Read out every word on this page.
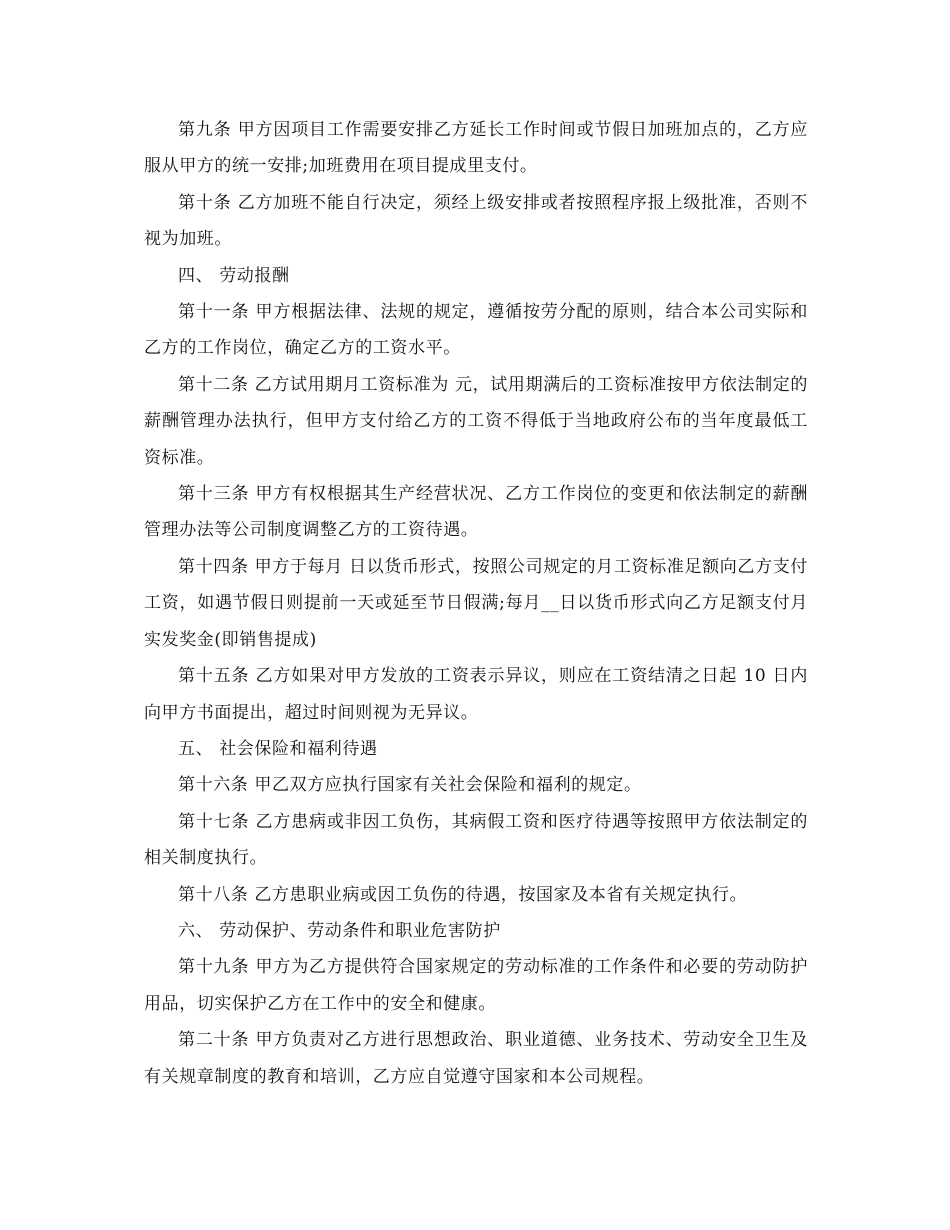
第九条 甲方因项目工作需要安排乙方延长工作时间或节假日加班加点的，乙方应服从甲方的统一安排;加班费用在项目提成里支付。

第十条 乙方加班不能自行决定，须经上级安排或者按照程序报上级批准，否则不视为加班。

四、 劳动报酬

第十一条 甲方根据法律、法规的规定，遵循按劳分配的原则，结合本公司实际和乙方的工作岗位，确定乙方的工资水平。

第十二条 乙方试用期月工资标准为 元，试用期满后的工资标准按甲方依法制定的薪酬管理办法执行，但甲方支付给乙方的工资不得低于当地政府公布的当年度最低工资标准。

第十三条 甲方有权根据其生产经营状况、乙方工作岗位的变更和依法制定的薪酬管理办法等公司制度调整乙方的工资待遇。

第十四条 甲方于每月 日以货币形式，按照公司规定的月工资标准足额向乙方支付工资，如遇节假日则提前一天或延至节日假满;每月__日以货币形式向乙方足额支付月实发奖金(即销售提成)

第十五条 乙方如果对甲方发放的工资表示异议，则应在工资结清之日起 10 日内向甲方书面提出，超过时间则视为无异议。

五、 社会保险和福利待遇

第十六条 甲乙双方应执行国家有关社会保险和福利的规定。

第十七条 乙方患病或非因工负伤，其病假工资和医疗待遇等按照甲方依法制定的相关制度执行。

第十八条 乙方患职业病或因工负伤的待遇，按国家及本省有关规定执行。

六、 劳动保护、劳动条件和职业危害防护

第十九条 甲方为乙方提供符合国家规定的劳动标准的工作条件和必要的劳动防护用品，切实保护乙方在工作中的安全和健康。

第二十条 甲方负责对乙方进行思想政治、职业道德、业务技术、劳动安全卫生及有关规章制度的教育和培训，乙方应自觉遵守国家和本公司规程。
